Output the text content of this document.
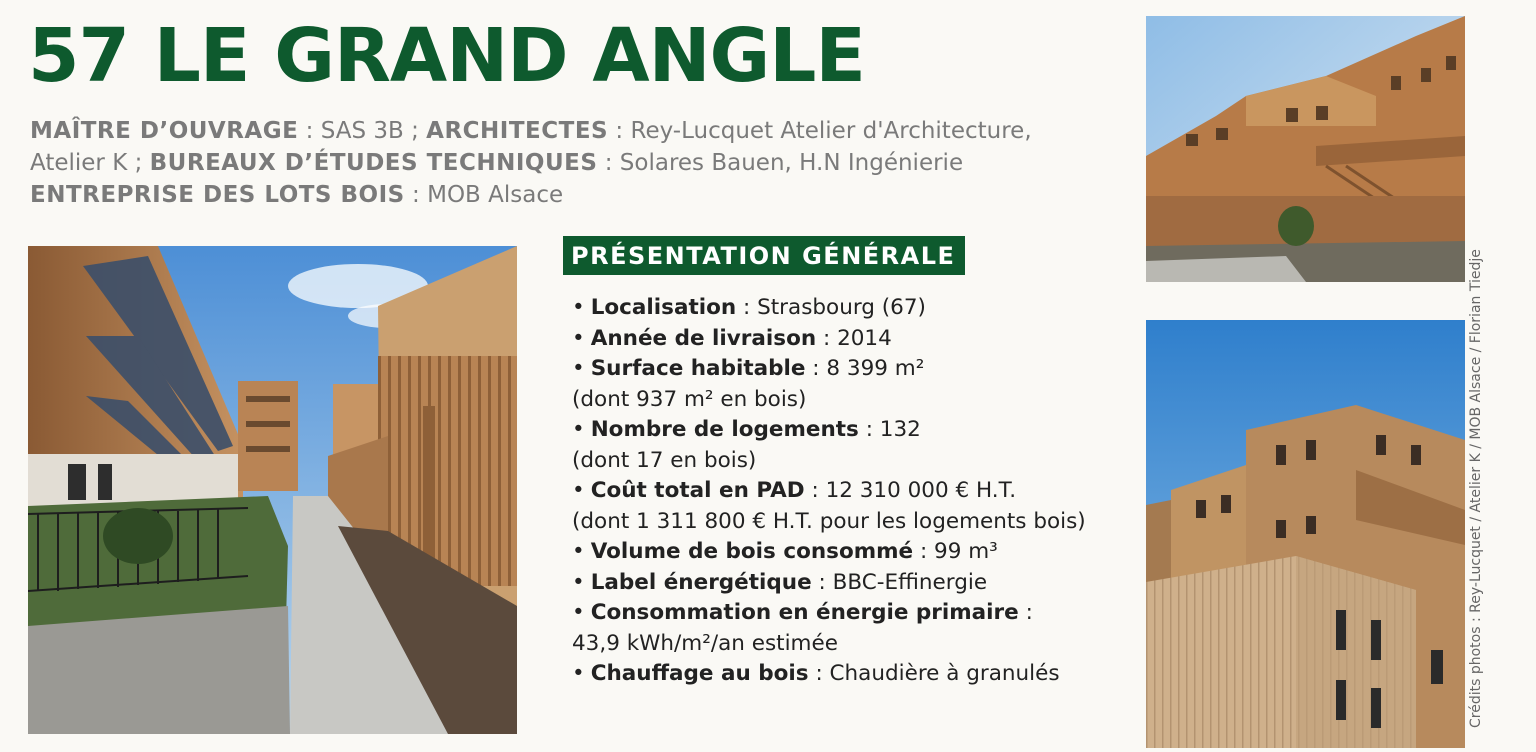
57 LE GRAND ANGLE
MAÎTRE D’OUVRAGE : SAS 3B ; ARCHITECTES : Rey-Lucquet Atelier d'Architecture,
Atelier K ; BUREAUX D’ÉTUDES TECHNIQUES : Solares Bauen, H.N Ingénierie
ENTREPRISE DES LOTS BOIS : MOB Alsace
PRÉSENTATION GÉNÉRALE
• Localisation : Strasbourg (67)
• Année de livraison : 2014
• Surface habitable : 8 399 m²
(dont 937 m² en bois)
• Nombre de logements : 132
(dont 17 en bois)
• Coût total en PAD : 12 310 000 € H.T.
(dont 1 311 800 € H.T. pour les logements bois)
• Volume de bois consommé : 99 m³
• Label énergétique : BBC-Effinergie
• Consommation en énergie primaire :
43,9 kWh/m²/an estimée
• Chauffage au bois : Chaudière à granulés	Crédits photos : Rey-Lucquet / Atelier K / MOB Alsace / Florian Tiedje
